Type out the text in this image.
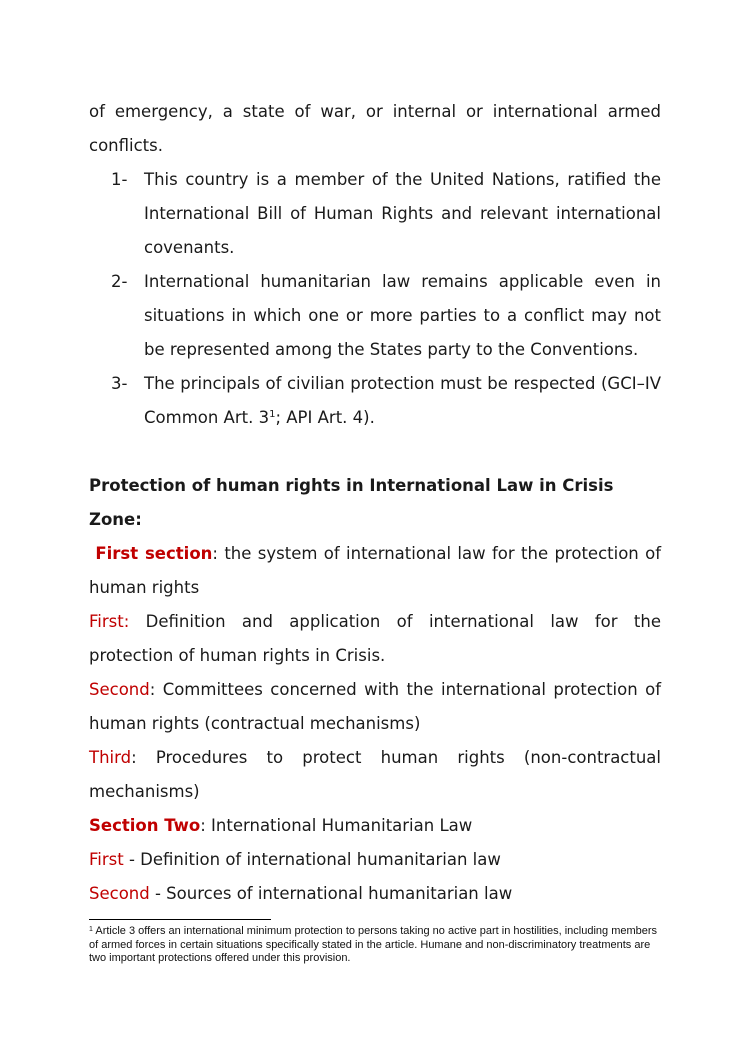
of emergency, a state of war, or internal or international armed conflicts.

1- This country is a member of the United Nations, ratified the International Bill of Human Rights and relevant international covenants.
2- International humanitarian law remains applicable even in situations in which one or more parties to a conflict may not be represented among the States party to the Conventions.
3- The principals of civilian protection must be respected (GCI–IV Common Art. $3^1$; API Art. 4).

Protection of human rights in International Law in Crisis Zone:

First section: the system of international law for the protection of human rights

First: Definition and application of international law for the protection of human rights in Crisis.

Second: Committees concerned with the international protection of human rights (contractual mechanisms)

Third: Procedures to protect human rights (non-contractual mechanisms)

Section Two: International Humanitarian Law

First - Definition of international humanitarian law

Second - Sources of international humanitarian law

$^1$ Article 3 offers an international minimum protection to persons taking no active part in hostilities, including members of armed forces in certain situations specifically stated in the article. Humane and non-discriminatory treatments are two important protections offered under this provision.
